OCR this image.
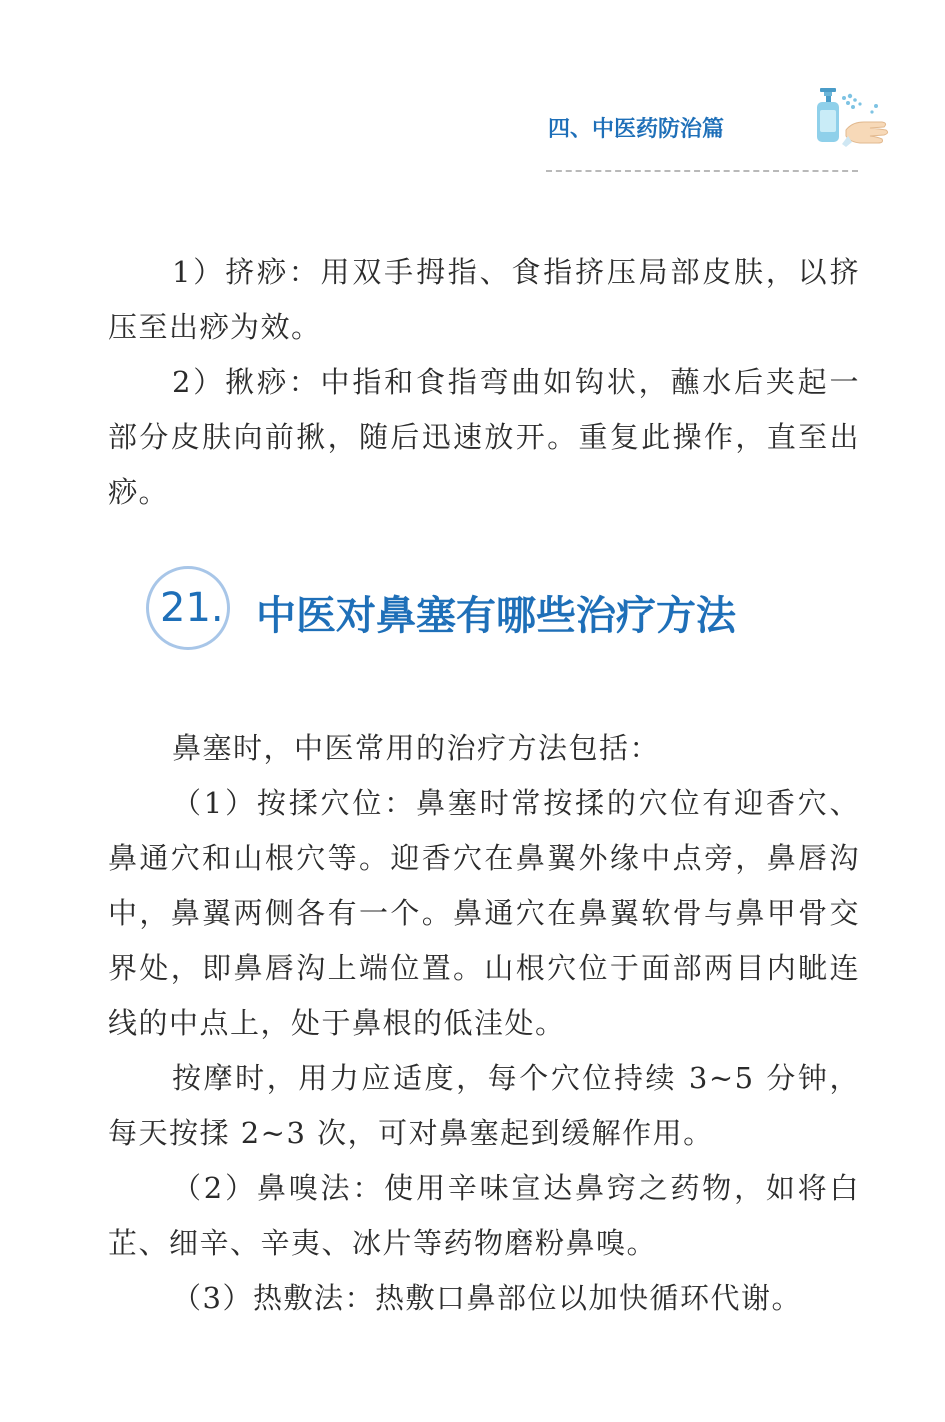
四、中医药防治篇

1）挤痧：用双手拇指、食指挤压局部皮肤，以挤压至出痧为效。

2）揪痧：中指和食指弯曲如钩状，蘸水后夹起一部分皮肤向前揪，随后迅速放开。重复此操作，直至出痧。

21. 中医对鼻塞有哪些治疗方法

鼻塞时，中医常用的治疗方法包括：

（1）按揉穴位：鼻塞时常按揉的穴位有迎香穴、鼻通穴和山根穴等。迎香穴在鼻翼外缘中点旁，鼻唇沟中，鼻翼两侧各有一个。鼻通穴在鼻翼软骨与鼻甲骨交界处，即鼻唇沟上端位置。山根穴位于面部两目内眦连线的中点上，处于鼻根的低洼处。

按摩时，用力应适度，每个穴位持续 3~5 分钟，每天按揉 2~3 次，可对鼻塞起到缓解作用。

（2）鼻嗅法：使用辛味宣达鼻窍之药物，如将白芷、细辛、辛夷、冰片等药物磨粉鼻嗅。

（3）热敷法：热敷口鼻部位以加快循环代谢。
